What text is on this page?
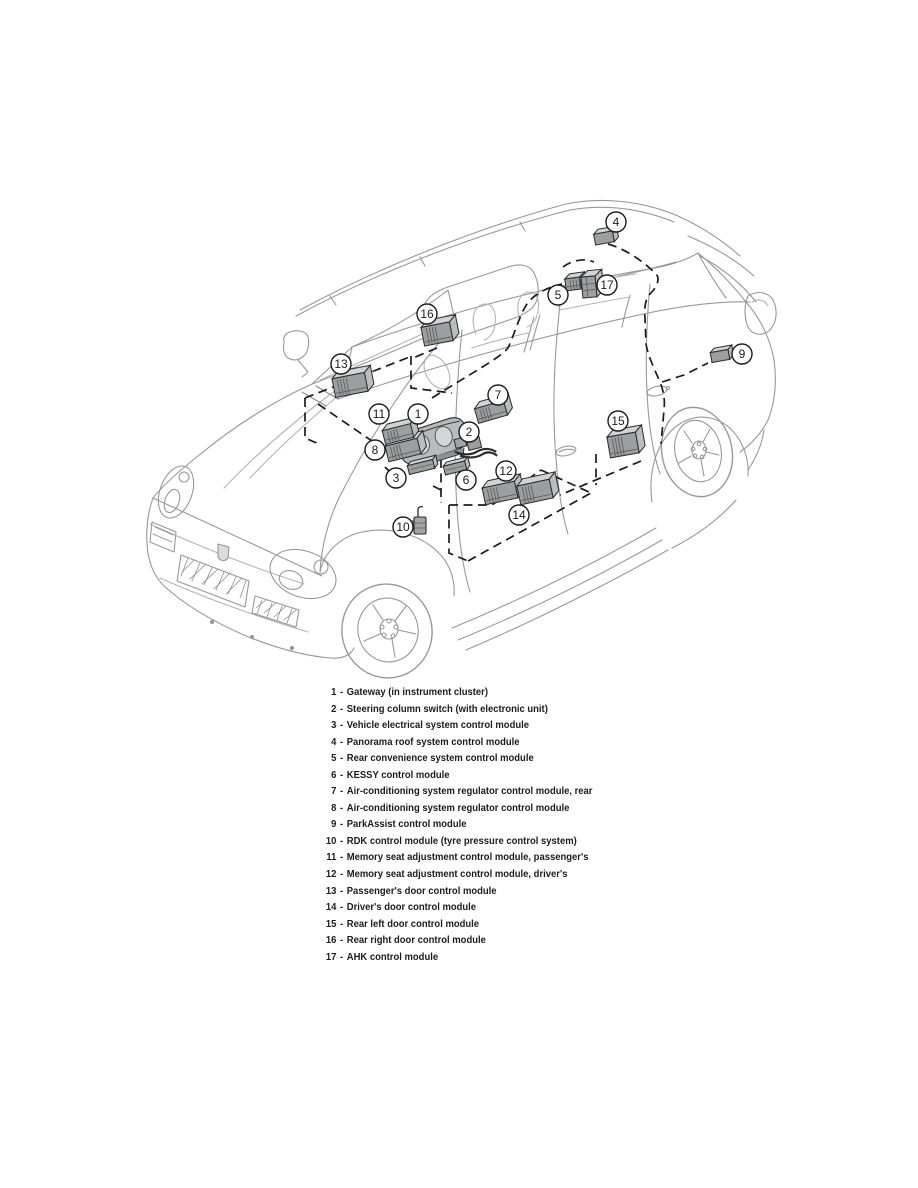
1
2
3
4
5
6
7
8
9
10
11
12
13
14
15
16
17
1 - Gateway (in instrument cluster)
2 - Steering column switch (with electronic unit)
3 - Vehicle electrical system control module
4 - Panorama roof system control module
5 - Rear convenience system control module
6 - KESSY control module
7 - Air-conditioning system regulator control module, rear
8 - Air-conditioning system regulator control module
9 - ParkAssist control module
10 - RDK control module (tyre pressure control system)
11 - Memory seat adjustment control module, passenger's
12 - Memory seat adjustment control module, driver's
13 - Passenger's door control module
14 - Driver's door control module
15 - Rear left door control module
16 - Rear right door control module
17 - AHK control module
